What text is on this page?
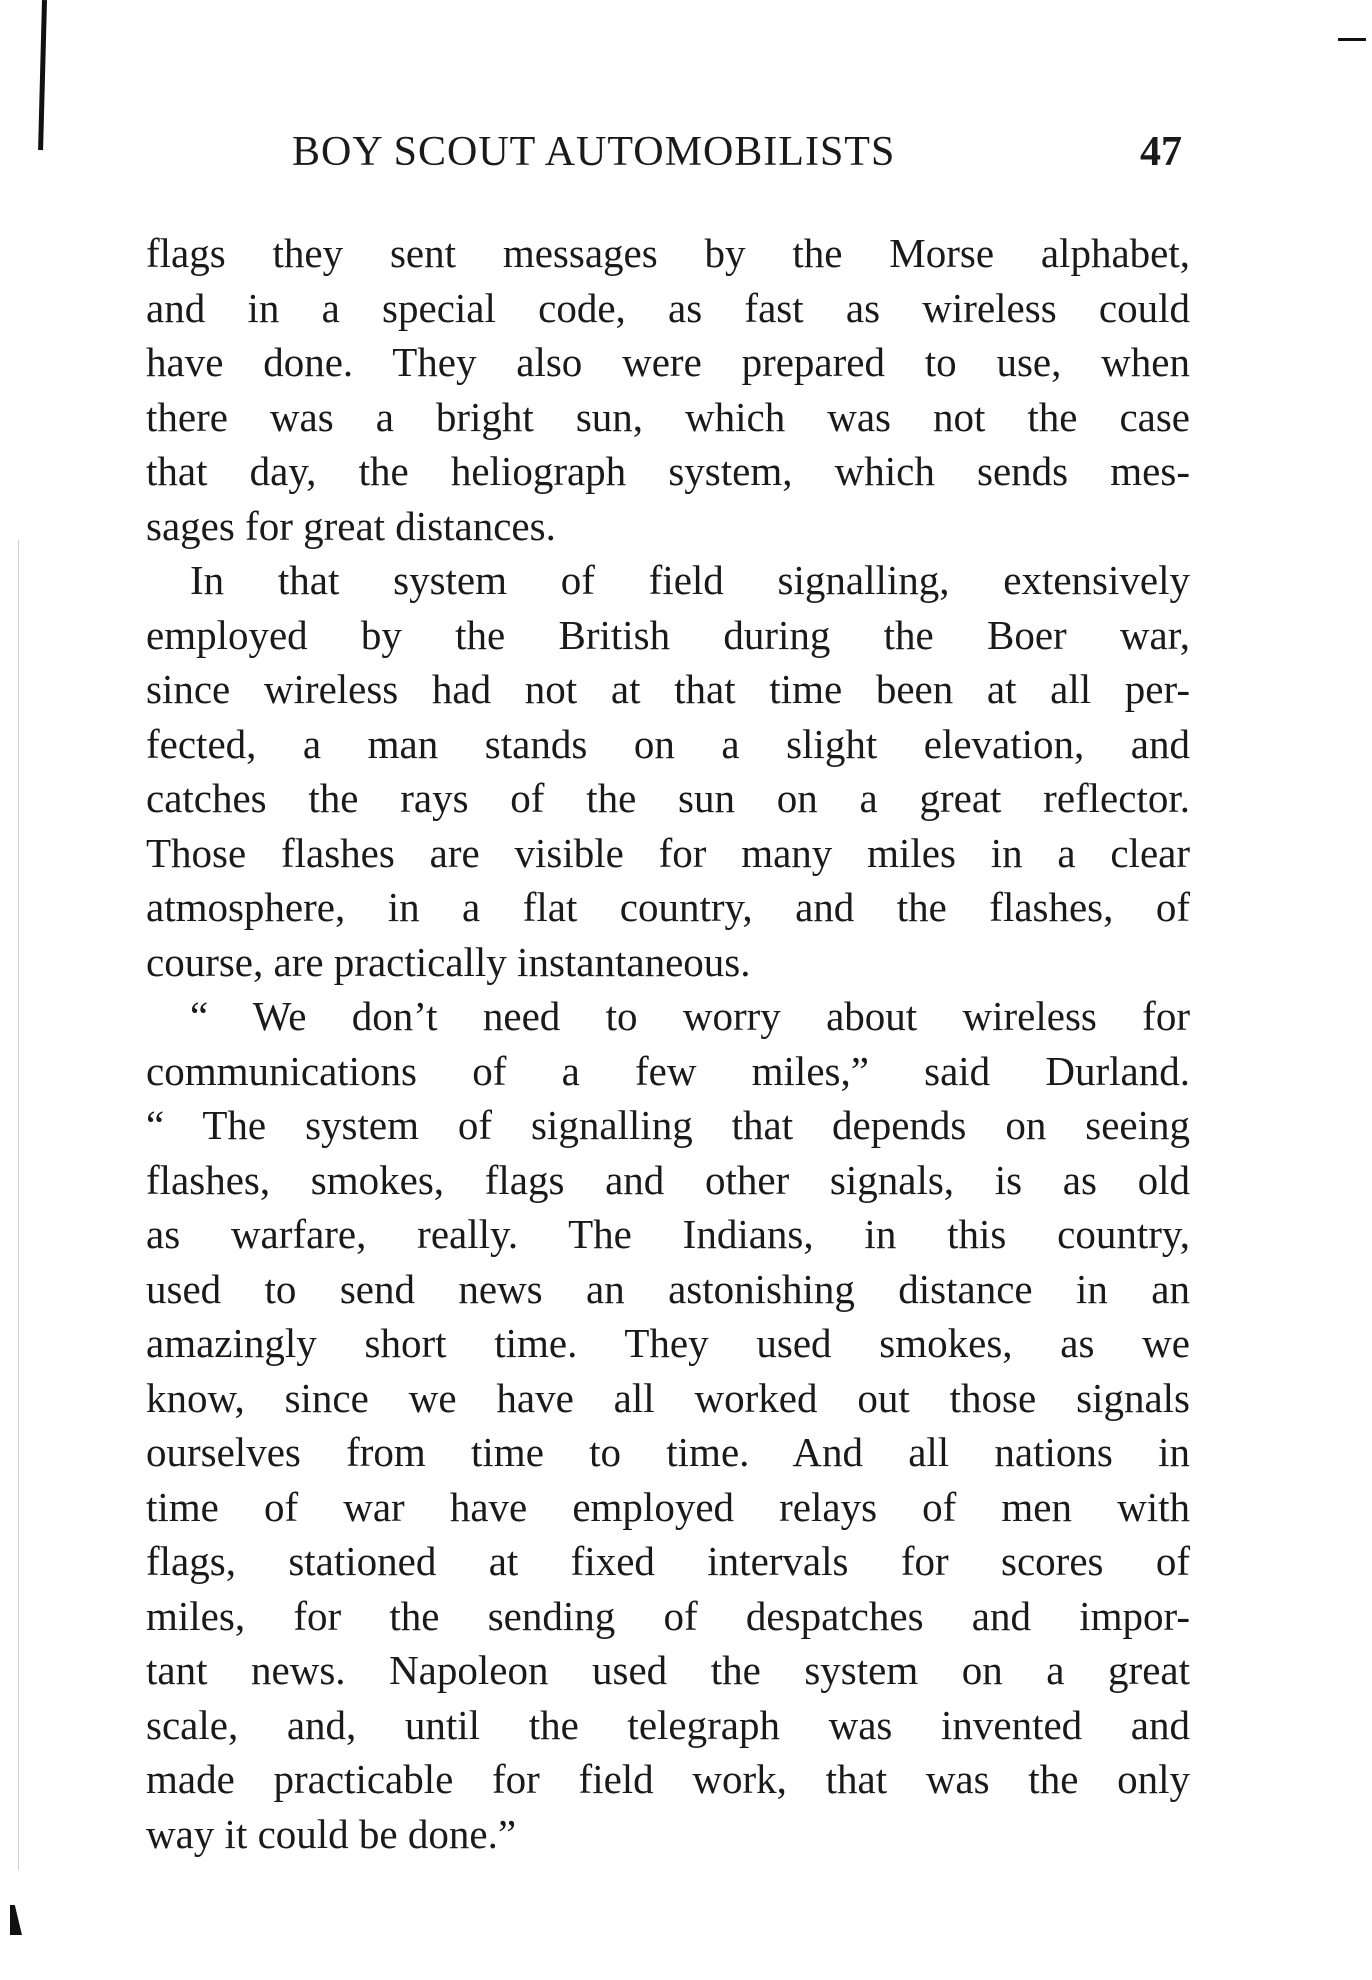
BOY SCOUT AUTOMOBILISTS	47
flags they sent messages by the Morse alphabet,
and in a special code, as fast as wireless could
have done. They also were prepared to use, when
there was a bright sun, which was not the case
that day, the heliograph system, which sends mes-
sages for great distances.
In that system of field signalling, extensively
employed by the British during the Boer war,
since wireless had not at that time been at all per-
fected, a man stands on a slight elevation, and
catches the rays of the sun on a great reflector.
Those flashes are visible for many miles in a clear
atmosphere, in a flat country, and the flashes, of
course, are practically instantaneous.
“ We don’t need to worry about wireless for
communications of a few miles,” said Durland.
“ The system of signalling that depends on seeing
flashes, smokes, flags and other signals, is as old
as warfare, really. The Indians, in this country,
used to send news an astonishing distance in an
amazingly short time. They used smokes, as we
know, since we have all worked out those signals
ourselves from time to time. And all nations in
time of war have employed relays of men with
flags, stationed at fixed intervals for scores of
miles, for the sending of despatches and impor-
tant news. Napoleon used the system on a great
scale, and, until the telegraph was invented and
made practicable for field work, that was the only
way it could be done.”
